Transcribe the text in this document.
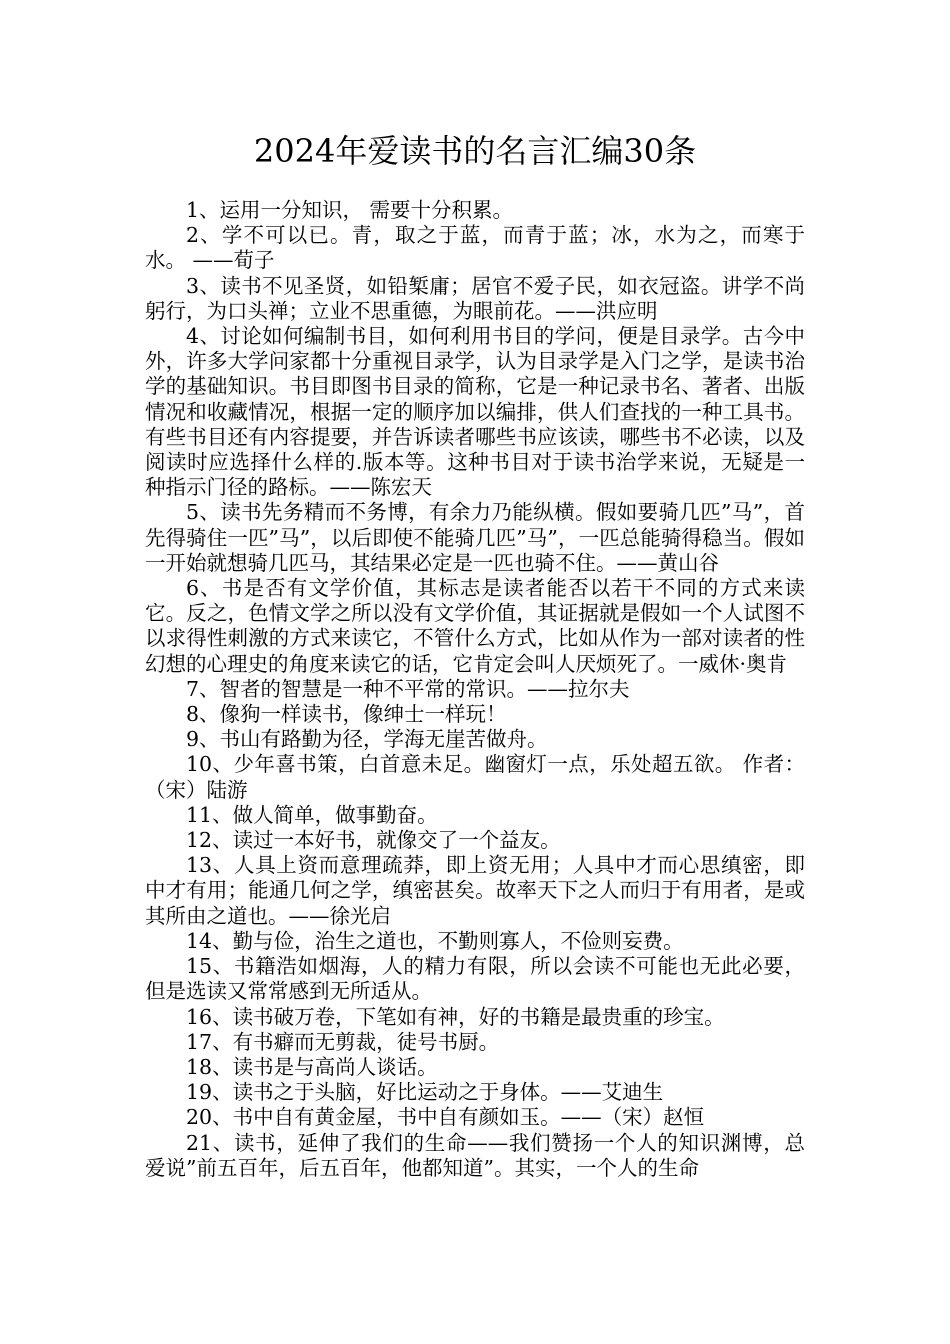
2024年爱读书的名言汇编30条

1、运用一分知识， 需要十分积累。

2、学不可以已。青，取之于蓝，而青于蓝；冰，水为之，而寒于水。 ——荀子

3、读书不见圣贤，如铅椠庸；居官不爱子民，如衣冠盗。讲学不尚躬行，为口头禅；立业不思重德，为眼前花。——洪应明

4、讨论如何编制书目，如何利用书目的学问，便是目录学。古今中外，许多大学问家都十分重视目录学，认为目录学是入门之学，是读书治学的基础知识。书目即图书目录的简称，它是一种记录书名、著者、出版情况和收藏情况，根据一定的顺序加以编排，供人们查找的一种工具书。有些书目还有内容提要，并告诉读者哪些书应该读，哪些书不必读，以及阅读时应选择什么样的.版本等。这种书目对于读书治学来说，无疑是一种指示门径的路标。——陈宏天

5、读书先务精而不务博，有余力乃能纵横。假如要骑几匹”马”，首先得骑住一匹”马”，以后即使不能骑几匹”马”，一匹总能骑得稳当。假如一开始就想骑几匹马，其结果必定是一匹也骑不住。——黄山谷

6、书是否有文学价值，其标志是读者能否以若干不同的方式来读它。反之，色情文学之所以没有文学价值，其证据就是假如一个人试图不以求得性刺激的方式来读它，不管什么方式，比如从作为一部对读者的性幻想的心理史的角度来读它的话，它肯定会叫人厌烦死了。一威休·奥肯

7、智者的智慧是一种不平常的常识。——拉尔夫

8、像狗一样读书，像绅士一样玩！

9、书山有路勤为径，学海无崖苦做舟。

10、少年喜书策，白首意未足。幽窗灯一点，乐处超五欲。 作者：（宋）陆游

11、做人简单，做事勤奋。

12、读过一本好书，就像交了一个益友。

13、人具上资而意理疏莽，即上资无用；人具中才而心思缜密，即中才有用；能通几何之学，缜密甚矣。故率天下之人而归于有用者，是或其所由之道也。——徐光启

14、勤与俭，治生之道也，不勤则寡人，不俭则妄费。

15、书籍浩如烟海，人的精力有限，所以会读不可能也无此必要，但是选读又常常感到无所适从。

16、读书破万卷，下笔如有神，好的书籍是最贵重的珍宝。

17、有书癖而无剪裁，徒号书厨。

18、读书是与高尚人谈话。

19、读书之于头脑，好比运动之于身体。——艾迪生

20、书中自有黄金屋，书中自有颜如玉。——（宋）赵恒

21、读书，延伸了我们的生命——我们赞扬一个人的知识渊博，总爱说”前五百年，后五百年，他都知道”。其实，一个人的生命
